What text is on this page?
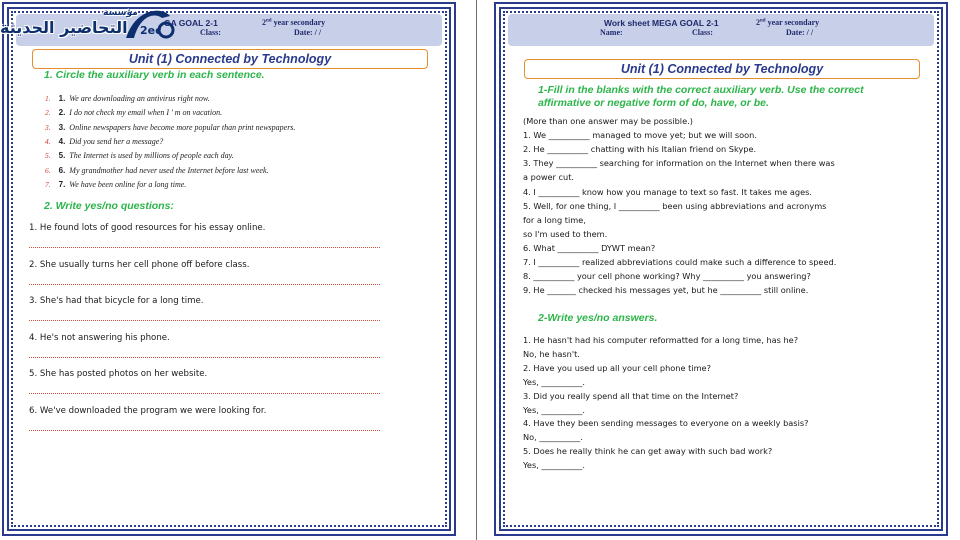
GA GOAL 2-1	2nd year secondary
Class:	Date: / /
Unit (1) Connected by Technology
1. Circle the auxiliary verb in each sentence.
2. Write yes/no questions:
1. 1. We are downloading an antivirus right now.
2. 2. I do not check my email when I ' m on vacation.
3. 3. Online newspapers have become more popular than print newspapers.
4. 4. Did you send her a message?
5. 5. The Internet is used by millions of people each day.
6. 6. My grandmother had never used the Internet before last week.
7. 7. We have been online for a long time.
1. He found lots of good resources for his essay online.
2. She usually turns her cell phone off before class.
3. She's had that bicycle for a long time.
4. He's not answering his phone.
5. She has posted photos on her website.
6. We've downloaded the program we were looking for.
Work sheet MEGA GOAL 2-1	2nd year secondary
Name:	Class:	Date: / /
Unit (1) Connected by Technology
1-Fill in the blanks with the correct auxiliary verb. Use the correct
affirmative or negative form of do, have, or be.
2-Write yes/no answers.
(More than one answer may be possible.)
1. We __________ managed to move yet; but we will soon.
2. He __________ chatting with his Italian friend on Skype.
3. They __________ searching for information on the Internet when there was
a power cut.
4. I __________ know how you manage to text so fast. It takes me ages.
5. Well, for one thing, I __________ been using abbreviations and acronyms
for a long time,
so I'm used to them.
6. What __________ DYWT mean?
7. I __________ realized abbreviations could make such a difference to speed.
8. __________ your cell phone working? Why __________ you answering?
9. He _______ checked his messages yet, but he __________ still online.
1. He hasn't had his computer reformatted for a long time, has he?
No, he hasn't.
2. Have you used up all your cell phone time?
Yes, __________.
3. Did you really spend all that time on the Internet?
Yes, __________.
4. Have they been sending messages to everyone on a weekly basis?
No, __________.
5. Does he really think he can get away with such bad work?
Yes, __________.
2ec
مؤسسة
التحاضير الحديثة
